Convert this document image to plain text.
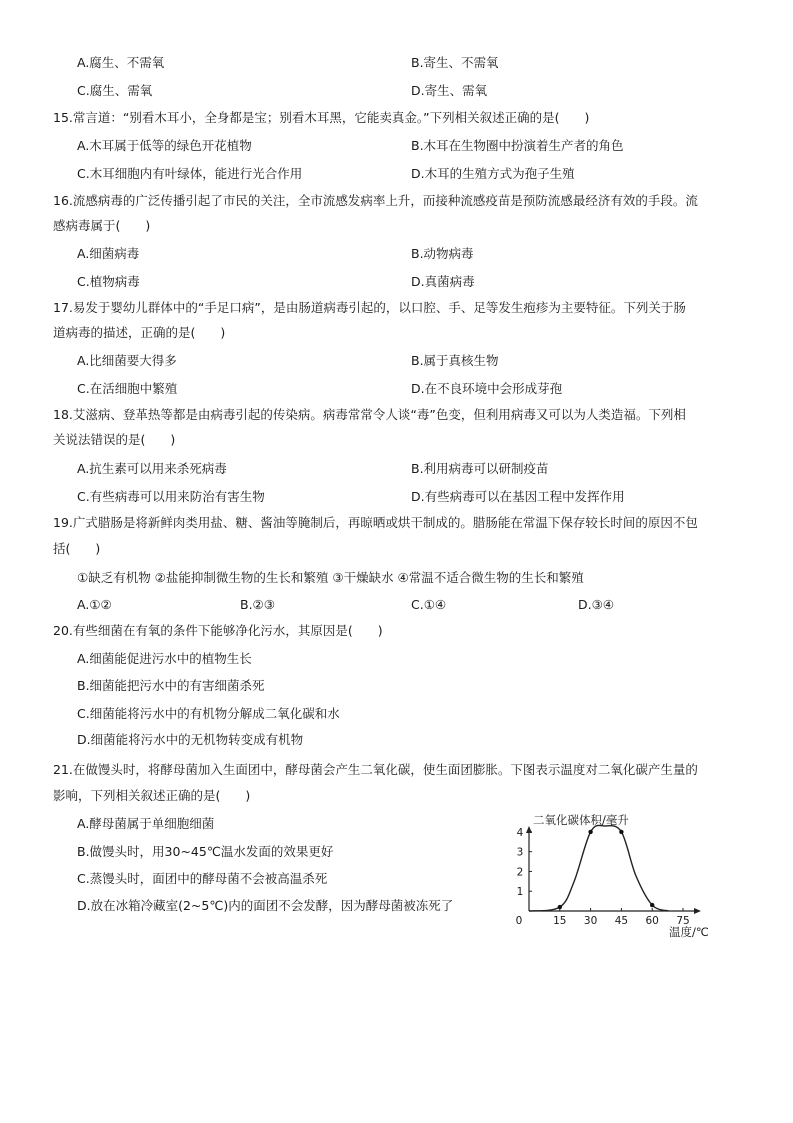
A.腐生、不需氧	B.寄生、不需氧
C.腐生、需氧	D.寄生、需氧
15.常言道：“别看木耳小，全身都是宝；别看木耳黑，它能卖真金。”下列相关叙述正确的是(　　)
A.木耳属于低等的绿色开花植物	B.木耳在生物圈中扮演着生产者的角色
C.木耳细胞内有叶绿体，能进行光合作用	D.木耳的生殖方式为孢子生殖
16.流感病毒的广泛传播引起了市民的关注，全市流感发病率上升，而接种流感疫苗是预防流感最经济有效的手段。流
感病毒属于(　　)
A.细菌病毒	B.动物病毒
C.植物病毒	D.真菌病毒
17.易发于婴幼儿群体中的“手足口病”，是由肠道病毒引起的，以口腔、手、足等发生疱疹为主要特征。下列关于肠
道病毒的描述，正确的是(　　)
A.比细菌要大得多	B.属于真核生物
C.在活细胞中繁殖	D.在不良环境中会形成芽孢
18.艾滋病、登革热等都是由病毒引起的传染病。病毒常常令人谈“毒”色变，但利用病毒又可以为人类造福。下列相
关说法错误的是(　　)
A.抗生素可以用来杀死病毒	B.利用病毒可以研制疫苗
C.有些病毒可以用来防治有害生物	D.有些病毒可以在基因工程中发挥作用
19.广式腊肠是将新鲜肉类用盐、糖、酱油等腌制后，再晾晒或烘干制成的。腊肠能在常温下保存较长时间的原因不包
括(　　)
①缺乏有机物 ②盐能抑制微生物的生长和繁殖 ③干燥缺水 ④常温不适合微生物的生长和繁殖
A.①②	B.②③	C.①④	D.③④
20.有些细菌在有氧的条件下能够净化污水，其原因是(　　)
A.细菌能促进污水中的植物生长
B.细菌能把污水中的有害细菌杀死
C.细菌能将污水中的有机物分解成二氧化碳和水
D.细菌能将污水中的无机物转变成有机物
21.在做馒头时，将酵母菌加入生面团中，酵母菌会产生二氧化碳，使生面团膨胀。下图表示温度对二氧化碳产生量的
影响，下列相关叙述正确的是(　　)
A.酵母菌属于单细胞细菌
B.做馒头时，用30~45℃温水发面的效果更好
C.蒸馒头时，面团中的酵母菌不会被高温杀死
D.放在冰箱冷藏室(2~5℃)内的面团不会发酵，因为酵母菌被冻死了
二氧化碳体积/毫升
温度/℃
0	15 30 45 60 75
1
2
3
4
